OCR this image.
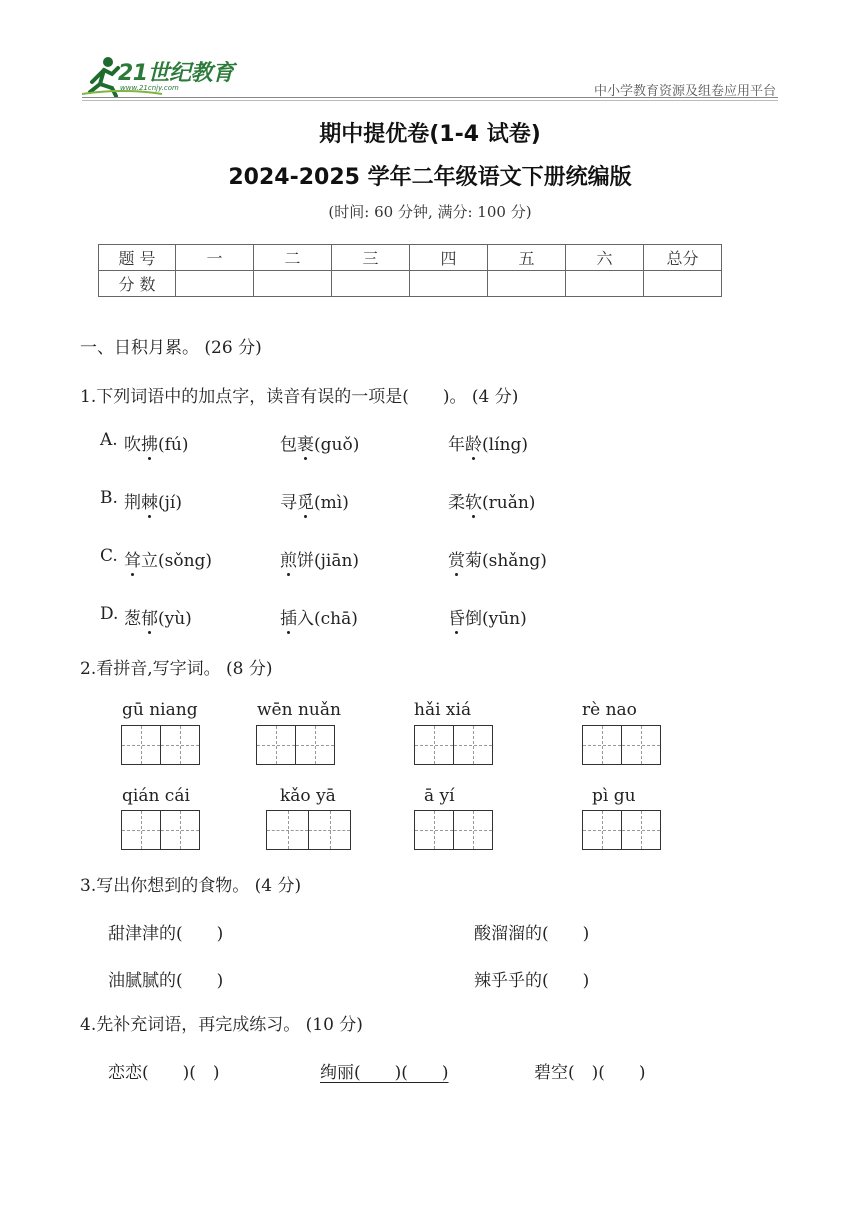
21世纪教育
www.21cnjy.com	中小学教育资源及组卷应用平台
期中提优卷(1-4 试卷)
2024-2025 学年二年级语文下册统编版
(时间: 60 分钟, 满分: 100 分)
题 号	一	二	三	四	五	六	总分
分 数							
一、日积月累。 (26 分)
1.下列词语中的加点字，读音有误的一项是(　　)。 (4 分)
A. 吹拂(fú)	包裹(guǒ)	年龄(líng)
B. 荆棘(jí)	寻觅(mì)	柔软(ruǎn)
C. 耸立(sǒng)	煎饼(jiān)	赏菊(shǎng)
D. 葱郁(yù)	插入(chā)	昏倒(yūn)
2.看拼音,写字词。 (8 分)
gū niang	wēn nuǎn	hǎi xiá	rè nao
qián cái	kǎo yā	ā yí	pì gu
3.写出你想到的食物。 (4 分)
甜津津的(　　)	酸溜溜的(　　)
油腻腻的(　　)	辣乎乎的(　　)
4.先补充词语，再完成练习。 (10 分)
恋恋(　　)(　)	绚丽(　　)(　　)	碧空(　)(　　)
